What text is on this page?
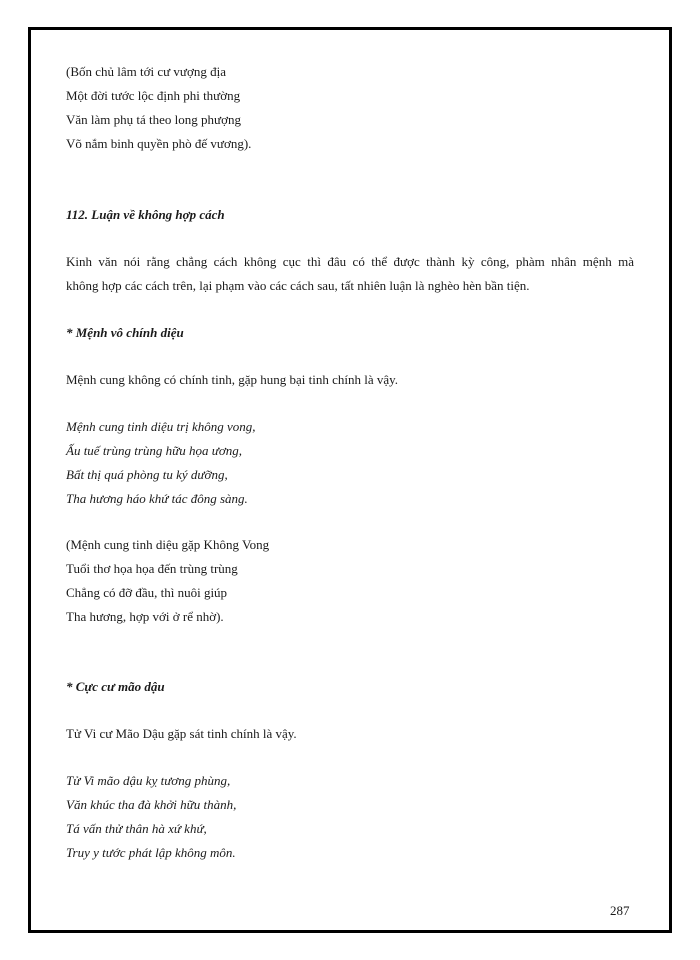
(Bốn chủ lâm tới cư vượng địa
Một đời tước lộc định phi thường
Văn làm phụ tá theo long phượng
Võ nắm binh quyền phò đế vương).
112. Luận về không hợp cách
Kinh văn nói rằng chẳng cách không cục thì đâu có thể được thành kỳ công, phàm nhân mệnh mà
không hợp các cách trên, lại phạm vào các cách sau, tất nhiên luận là nghèo hèn bần tiện.
* Mệnh vô chính diệu
Mệnh cung không có chính tinh, gặp hung bại tinh chính là vậy.
Mệnh cung tinh diệu trị không vong,
Ấu tuế trùng trùng hữu họa ương,
Bất thị quá phòng tu ký dưỡng,
Tha hương háo khứ tác đông sàng.
(Mệnh cung tinh diệu gặp Không Vong
Tuổi thơ họa họa đến trùng trùng
Chẳng có đỡ đầu, thì nuôi giúp
Tha hương, hợp với ở rể nhờ).
* Cực cư mão dậu
Tử Vi cư Mão Dậu gặp sát tinh chính là vậy.
Tử Vi mão dậu kỵ tương phùng,
Văn khúc tha đà khởi hữu thành,
Tá vấn thử thân hà xứ khứ,
Truy y tước phát lập không môn.
287
